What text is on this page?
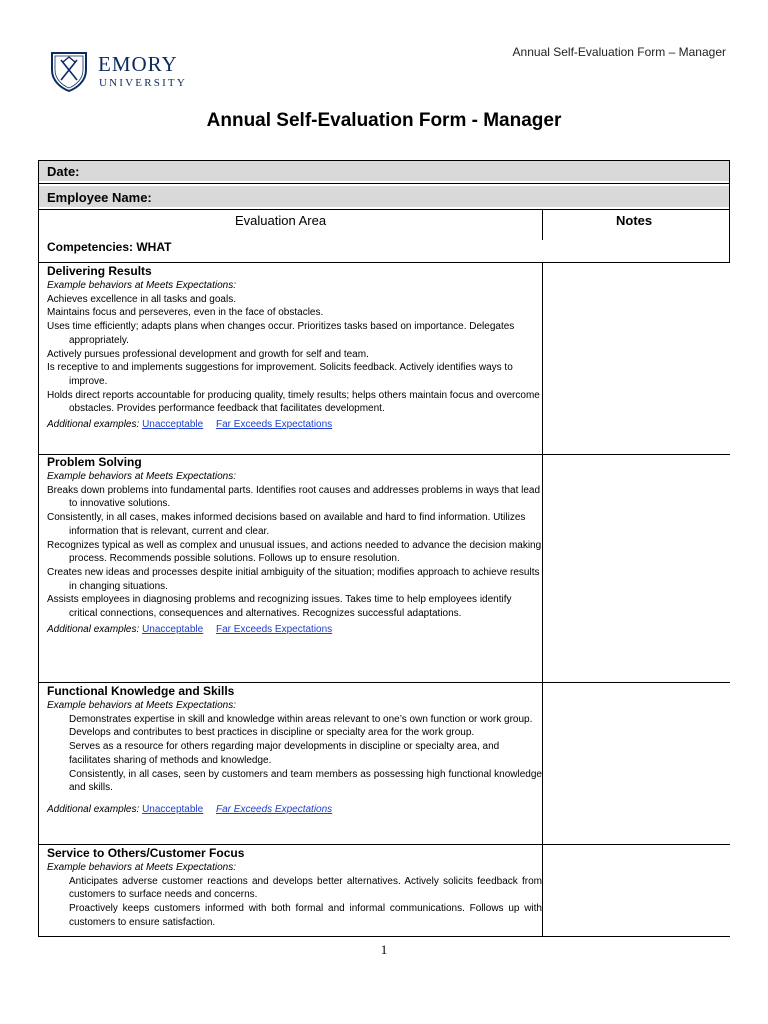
EMORY
UNIVERSITY
Annual Self-Evaluation Form – Manager
Annual Self-Evaluation Form - Manager
Date:
Employee Name:
Evaluation Area	Notes
Competencies: WHAT
Delivering Results
Example behaviors at Meets Expectations:
Achieves excellence in all tasks and goals.
Maintains focus and perseveres, even in the face of obstacles.
Uses time efficiently; adapts plans when changes occur. Prioritizes tasks based on importance. Delegates appropriately.
Actively pursues professional development and growth for self and team.
Is receptive to and implements suggestions for improvement. Solicits feedback. Actively identifies ways to improve.
Holds direct reports accountable for producing quality, timely results; helps others maintain focus and overcome obstacles. Provides performance feedback that facilitates development.
Additional examples: Unacceptable Far Exceeds Expectations
Problem Solving
Example behaviors at Meets Expectations:
Breaks down problems into fundamental parts. Identifies root causes and addresses problems in ways that lead to innovative solutions.
Consistently, in all cases, makes informed decisions based on available and hard to find information. Utilizes information that is relevant, current and clear.
Recognizes typical as well as complex and unusual issues, and actions needed to advance the decision making process. Recommends possible solutions. Follows up to ensure resolution.
Creates new ideas and processes despite initial ambiguity of the situation; modifies approach to achieve results in changing situations.
Assists employees in diagnosing problems and recognizing issues. Takes time to help employees identify critical connections, consequences and alternatives. Recognizes successful adaptations.
Additional examples: Unacceptable Far Exceeds Expectations
Functional Knowledge and Skills
Example behaviors at Meets Expectations:
Demonstrates expertise in skill and knowledge within areas relevant to one’s own function or work group.
Develops and contributes to best practices in discipline or specialty area for the work group.
Serves as a resource for others regarding major developments in discipline or specialty area, and facilitates sharing of methods and knowledge.
Consistently, in all cases, seen by customers and team members as possessing high functional knowledge and skills.
Additional examples: Unacceptable Far Exceeds Expectations
Service to Others/Customer Focus
Example behaviors at Meets Expectations:
Anticipates adverse customer reactions and develops better alternatives. Actively solicits feedback from customers to surface needs and concerns.
Proactively keeps customers informed with both formal and informal communications. Follows up with customers to ensure satisfaction.
1
